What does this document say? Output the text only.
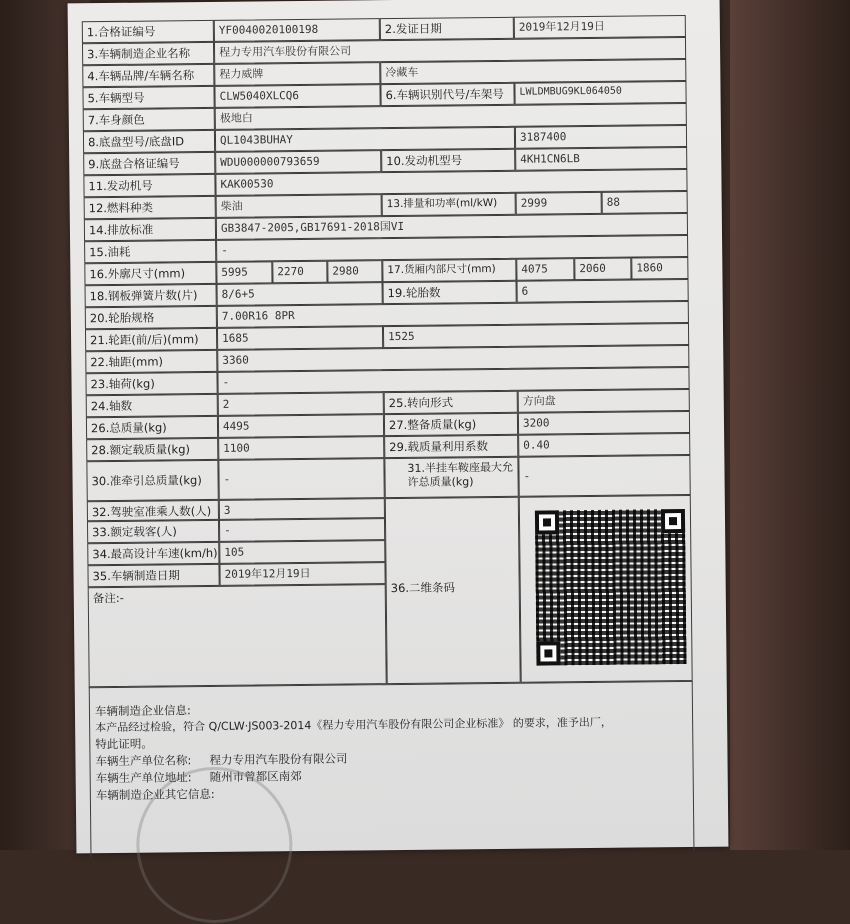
1.合格证编号	YF0040020100198	2.发证日期	2019年12月19日
3.车辆制造企业名称	程力专用汽车股份有限公司
4.车辆品牌/车辆名称	程力威牌	冷藏车
5.车辆型号	CLW5040XLCQ6	6.车辆识别代号/车架号	LWLDMBUG9KL064050
7.车身颜色	极地白
8.底盘型号/底盘ID	QL1043BUHAY	3187400
9.底盘合格证编号	WDU000000793659	10.发动机型号	4KH1CN6LB
11.发动机号	KAK00530
12.燃料种类	柴油	13.排量和功率(ml/kW)	2999	88
14.排放标准	GB3847-2005,GB17691-2018国VI
15.油耗	-
16.外廓尺寸(mm)	5995	2270	2980	17.货厢内部尺寸(mm)	4075	2060	1860
18.钢板弹簧片数(片)	8/6+5	19.轮胎数	6
20.轮胎规格	7.00R16 8PR
21.轮距(前/后)(mm)	1685	1525
22.轴距(mm)	3360
23.轴荷(kg)	-
24.轴数	2	25.转向形式	方向盘
26.总质量(kg)	4495	27.整备质量(kg)	3200
28.额定载质量(kg)	1100	29.载质量利用系数	0.40
30.准牵引总质量(kg)	-
31.半挂车鞍座最大允许总质量(kg)	-
32.驾驶室准乘人数(人)	3
33.额定载客(人)	-
34.最高设计车速(km/h) 105
35.车辆制造日期	2019年12月19日
36.二维条码
备注:-
车辆制造企业信息:
本产品经过检验，符合 Q/CLW·JS003-2014《程力专用汽车股份有限公司企业标准》 的要求，准予出厂，
特此证明。
车辆生产单位名称: 程力专用汽车股份有限公司
车辆生产单位地址: 随州市曾都区南郊
车辆制造企业其它信息:
